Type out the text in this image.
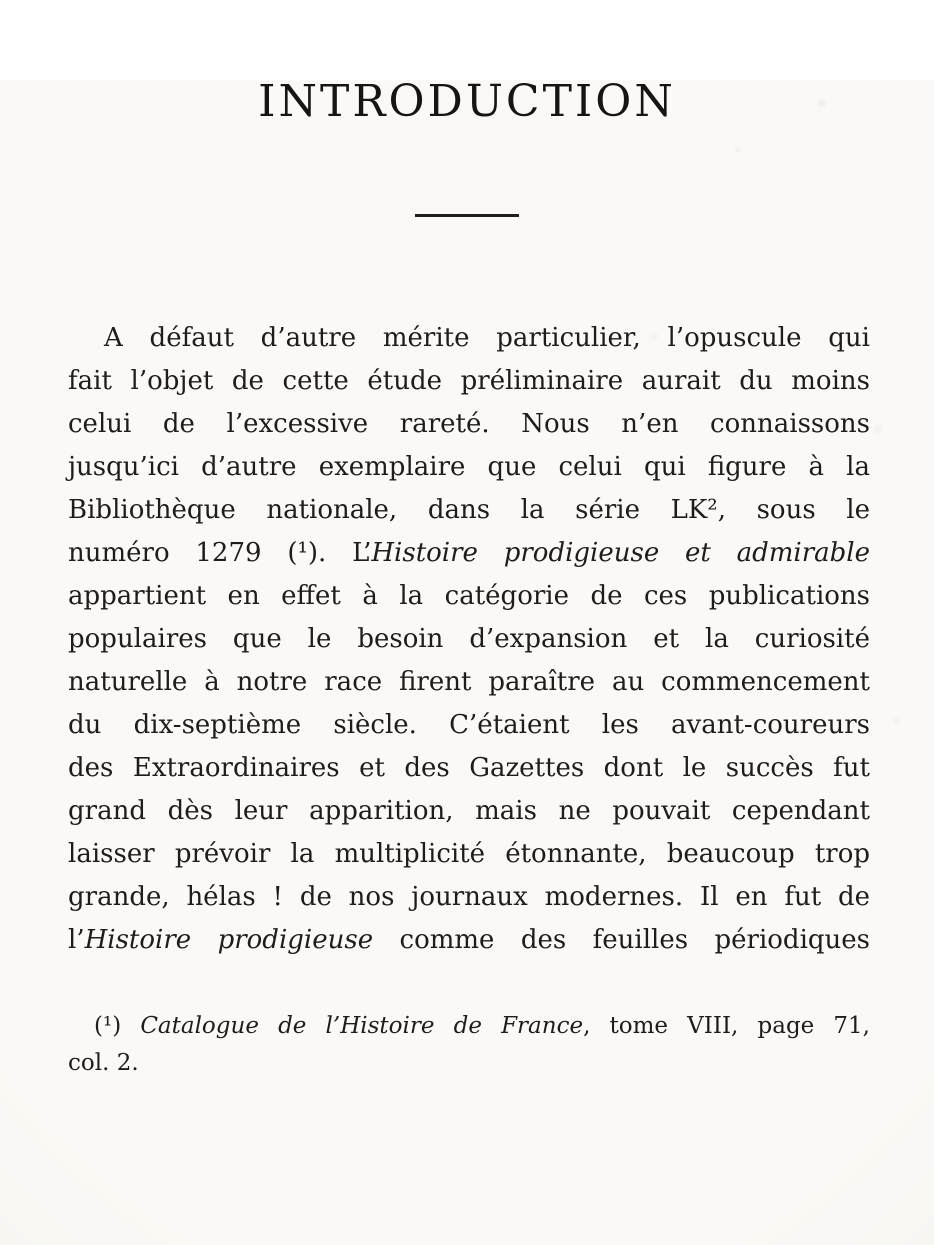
INTRODUCTION
A défaut d’autre mérite particulier, l’opuscule qui
fait l’objet de cette étude préliminaire aurait du moins
celui de l’excessive rareté. Nous n’en connaissons
jusqu’ici d’autre exemplaire que celui qui figure à la
Bibliothèque nationale, dans la série LK², sous le
numéro 1279 (¹). L’Histoire prodigieuse et admirable
appartient en effet à la catégorie de ces publications
populaires que le besoin d’expansion et la curiosité
naturelle à notre race firent paraître au commencement
du dix-septième siècle. C’étaient les avant-coureurs
des Extraordinaires et des Gazettes dont le succès fut
grand dès leur apparition, mais ne pouvait cependant
laisser prévoir la multiplicité étonnante, beaucoup trop
grande, hélas ! de nos journaux modernes. Il en fut de
l’Histoire prodigieuse comme des feuilles périodiques
(¹) Catalogue de l’Histoire de France, tome VIII, page 71,
col. 2.
